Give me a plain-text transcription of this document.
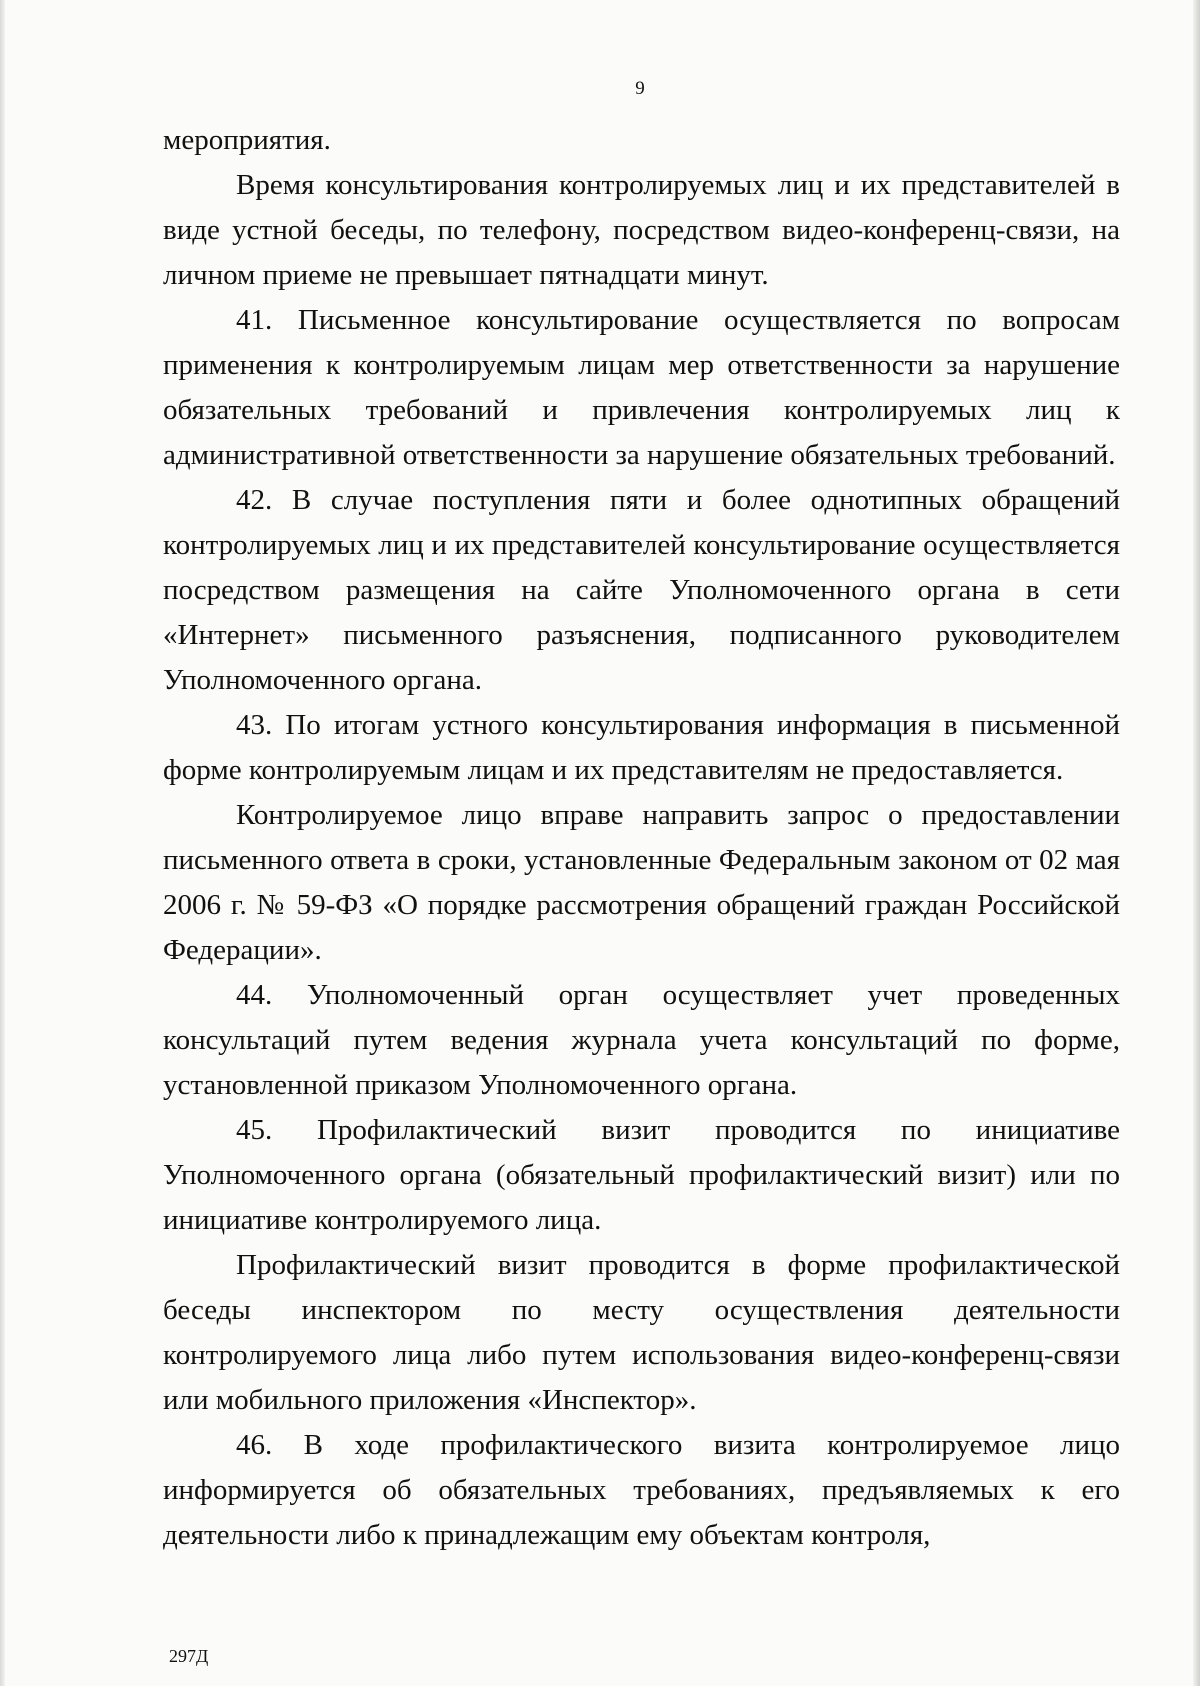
9

мероприятия.

Время консультирования контролируемых лиц и их представителей в виде устной беседы, по телефону, посредством видео-конференц-связи, на личном приеме не превышает пятнадцати минут.

41. Письменное консультирование осуществляется по вопросам применения к контролируемым лицам мер ответственности за нарушение обязательных требований и привлечения контролируемых лиц к административной ответственности за нарушение обязательных требований.

42. В случае поступления пяти и более однотипных обращений контролируемых лиц и их представителей консультирование осуществляется посредством размещения на сайте Уполномоченного органа в сети «Интернет» письменного разъяснения, подписанного руководителем Уполномоченного органа.

43. По итогам устного консультирования информация в письменной форме контролируемым лицам и их представителям не предоставляется.

Контролируемое лицо вправе направить запрос о предоставлении письменного ответа в сроки, установленные Федеральным законом от 02 мая 2006 г. № 59-ФЗ «О порядке рассмотрения обращений граждан Российской Федерации».

44. Уполномоченный орган осуществляет учет проведенных консультаций путем ведения журнала учета консультаций по форме, установленной приказом Уполномоченного органа.

45. Профилактический визит проводится по инициативе Уполномоченного органа (обязательный профилактический визит) или по инициативе контролируемого лица.

Профилактический визит проводится в форме профилактической беседы инспектором по месту осуществления деятельности контролируемого лица либо путем использования видео-конференц-связи или мобильного приложения «Инспектор».

46. В ходе профилактического визита контролируемое лицо информируется об обязательных требованиях, предъявляемых к его деятельности либо к принадлежащим ему объектам контроля,

297Д
